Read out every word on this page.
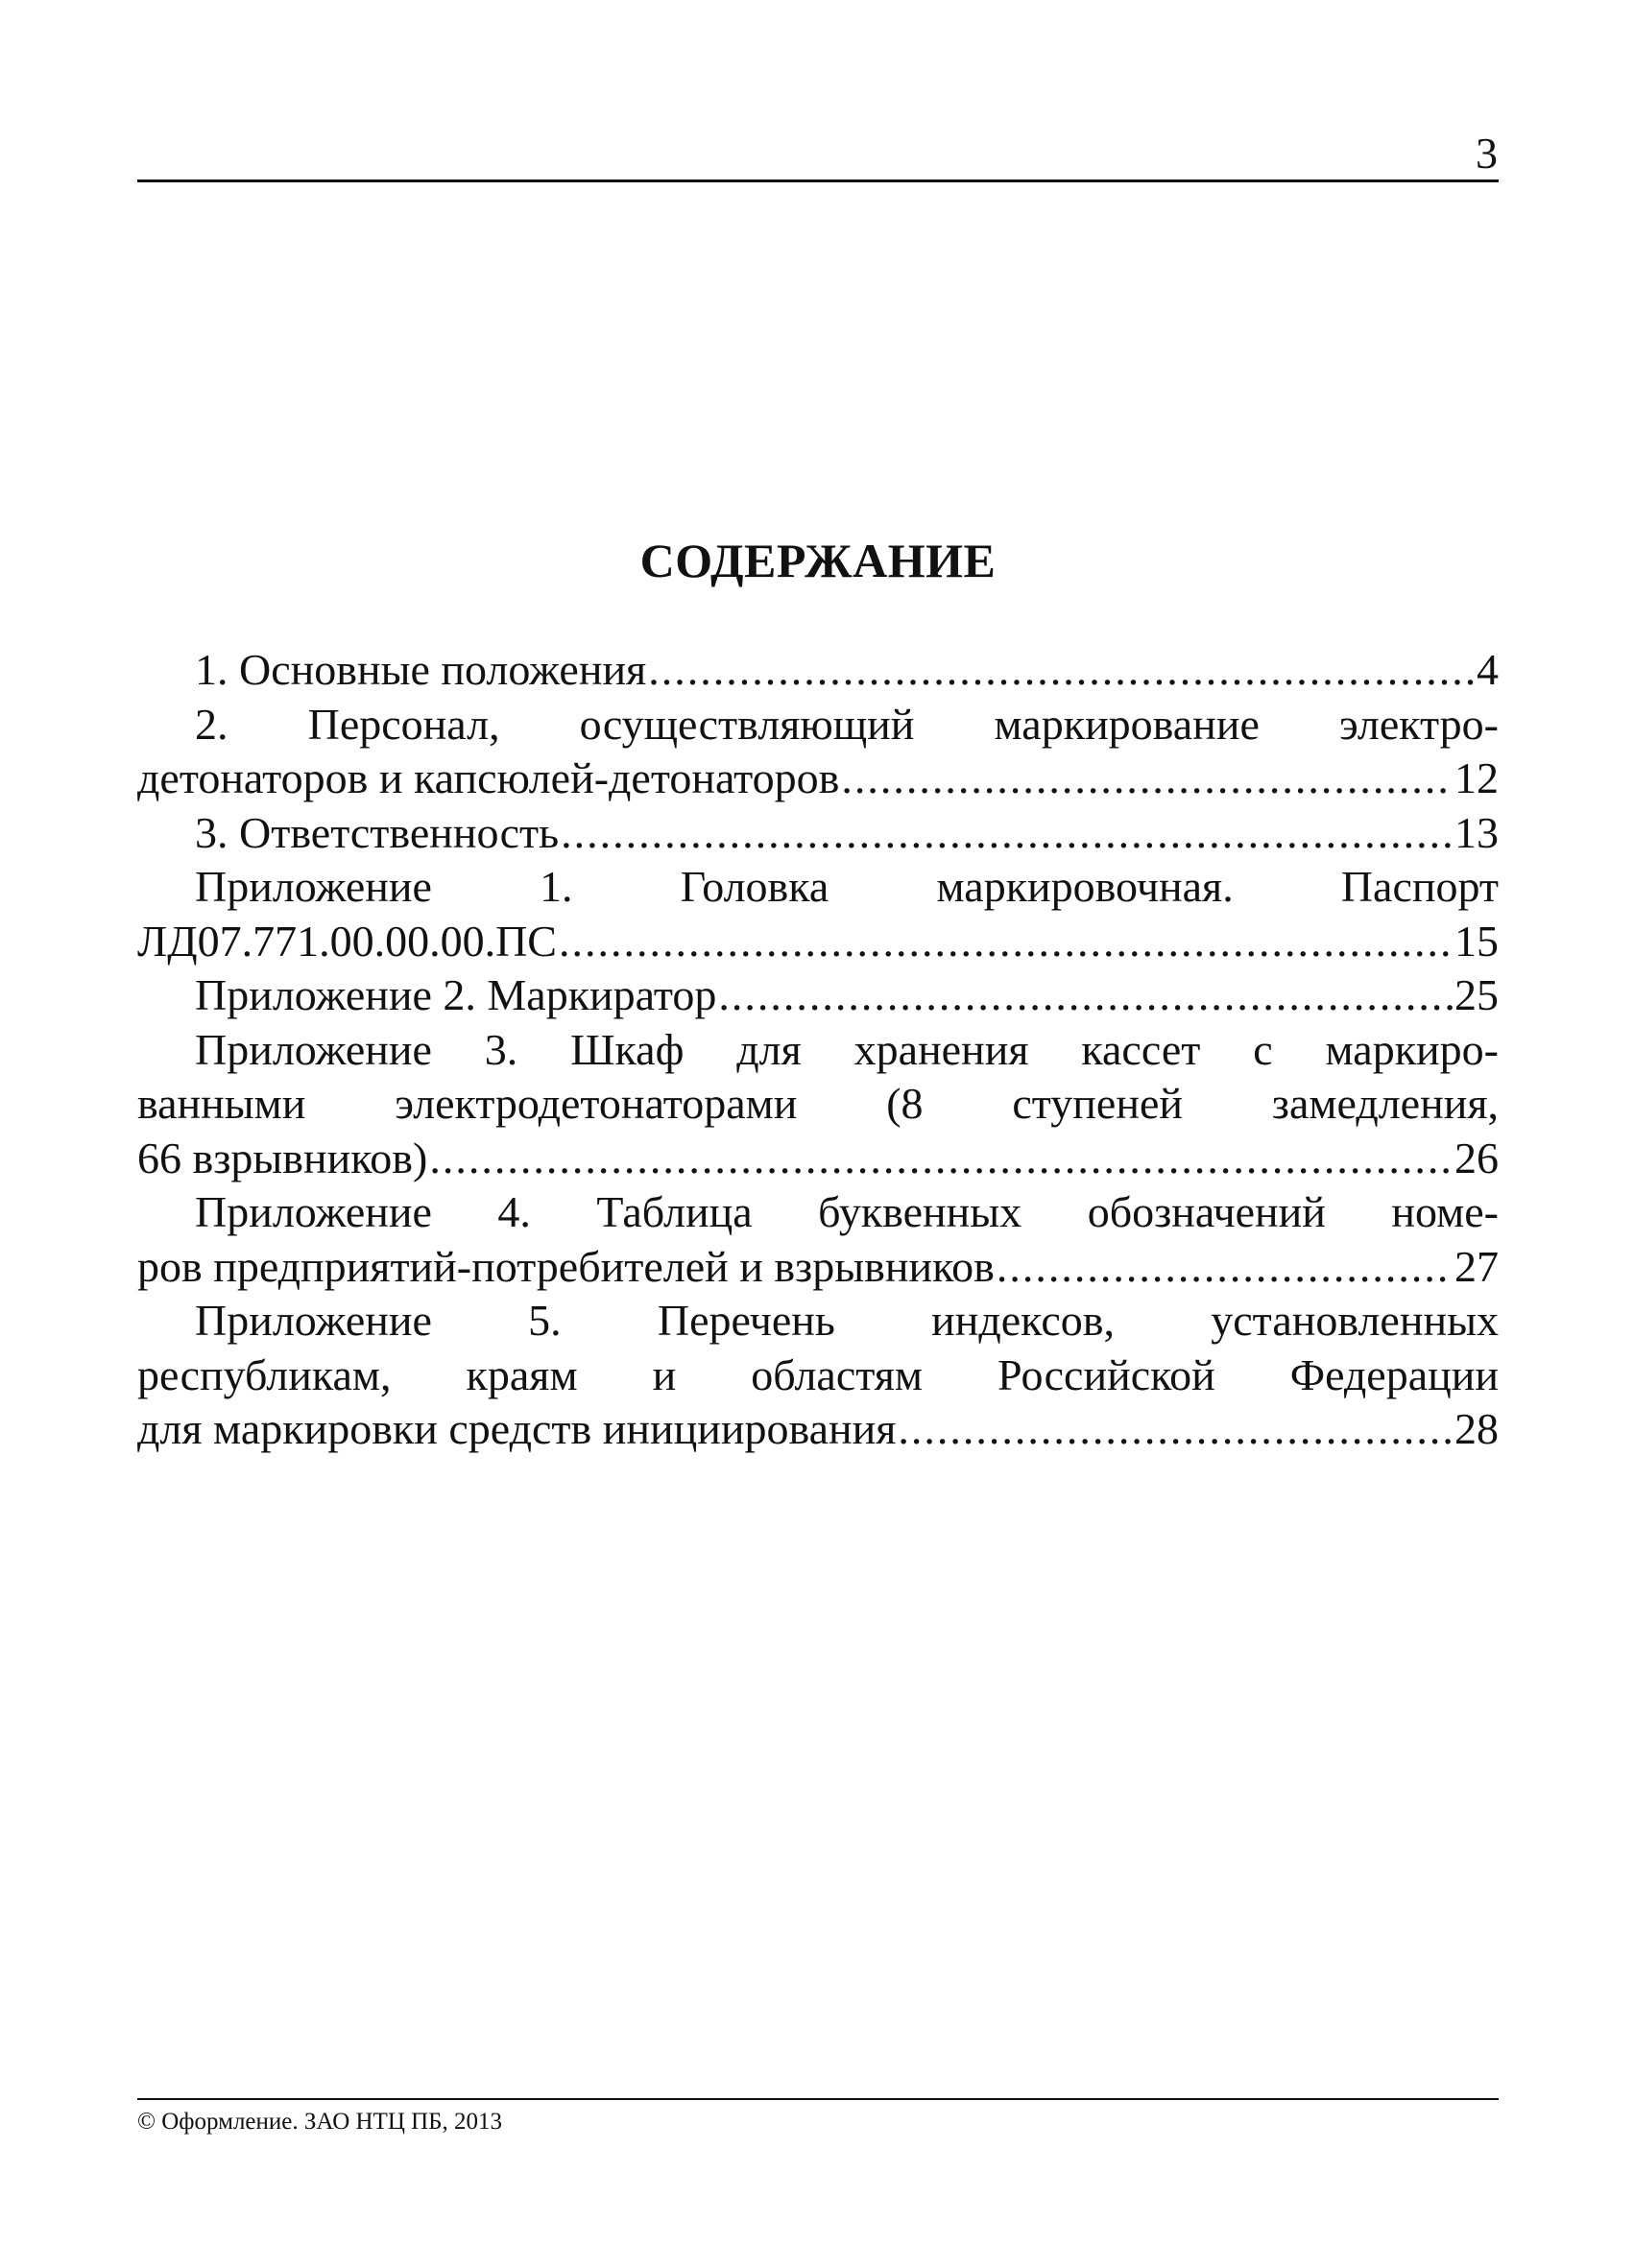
3
СОДЕРЖАНИЕ
1. Основные положения .....	4
2. Персонал, осуществляющий маркирование электро-
детонаторов и капсюлей-детонаторов .....	12
3. Ответственность .....	13
Приложение 1. Головка маркировочная. Паспорт
ЛД07.771.00.00.00.ПС .....	15
Приложение 2. Маркиратор .....	25
Приложение 3. Шкаф для хранения кассет с маркиро-
ванными электродетонаторами (8 ступеней замедления,
66 взрывников) .....	26
Приложение 4. Таблица буквенных обозначений номе-
ров предприятий-потребителей и взрывников .....	27
Приложение 5. Перечень индексов, установленных
республикам, краям и областям Российской Федерации
для маркировки средств инициирования .....	28
© Оформление. ЗАО НТЦ ПБ, 2013
